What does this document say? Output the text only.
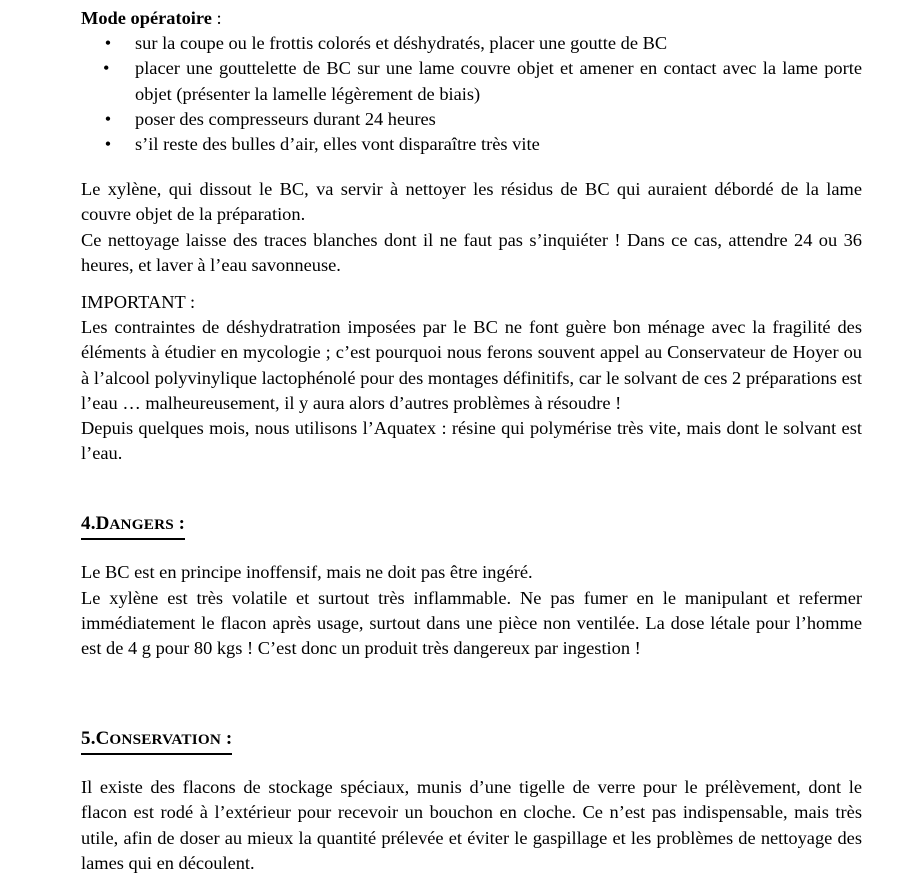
Mode opératoire :

• sur la coupe ou le frottis colorés et déshydratés, placer une goutte de BC
• placer une gouttelette de BC sur une lame couvre objet et amener en contact avec la lame porte objet (présenter la lamelle légèrement de biais)
• poser des compresseurs durant 24 heures
• s’il reste des bulles d’air, elles vont disparaître très vite

Le xylène, qui dissout le BC, va servir à nettoyer les résidus de BC qui auraient débordé de la lame couvre objet de la préparation.

Ce nettoyage laisse des traces blanches dont il ne faut pas s’inquiéter ! Dans ce cas, attendre 24 ou 36 heures, et laver à l’eau savonneuse.

IMPORTANT :

Les contraintes de déshydratration imposées par le BC ne font guère bon ménage avec la fragilité des éléments à étudier en mycologie ; c’est pourquoi nous ferons souvent appel au Conservateur de Hoyer ou à l’alcool polyvinylique lactophénolé pour des montages définitifs, car le solvant de ces 2 préparations est l’eau … malheureusement, il y aura alors d’autres problèmes à résoudre !

Depuis quelques mois, nous utilisons l’Aquatex : résine qui polymérise très vite, mais dont le solvant est l’eau.

4.DANGERS :

Le BC est en principe inoffensif, mais ne doit pas être ingéré.

Le xylène est très volatile et surtout très inflammable. Ne pas fumer en le manipulant et refermer immédiatement le flacon après usage, surtout dans une pièce non ventilée. La dose létale pour l’homme est de 4 g pour 80 kgs ! C’est donc un produit très dangereux par ingestion !

5.CONSERVATION :

Il existe des flacons de stockage spéciaux, munis d’une tigelle de verre pour le prélèvement, dont le flacon est rodé à l’extérieur pour recevoir un bouchon en cloche. Ce n’est pas indispensable, mais très utile, afin de doser au mieux la quantité prélevée et éviter le gaspillage et les problèmes de nettoyage des lames qui en découlent.
